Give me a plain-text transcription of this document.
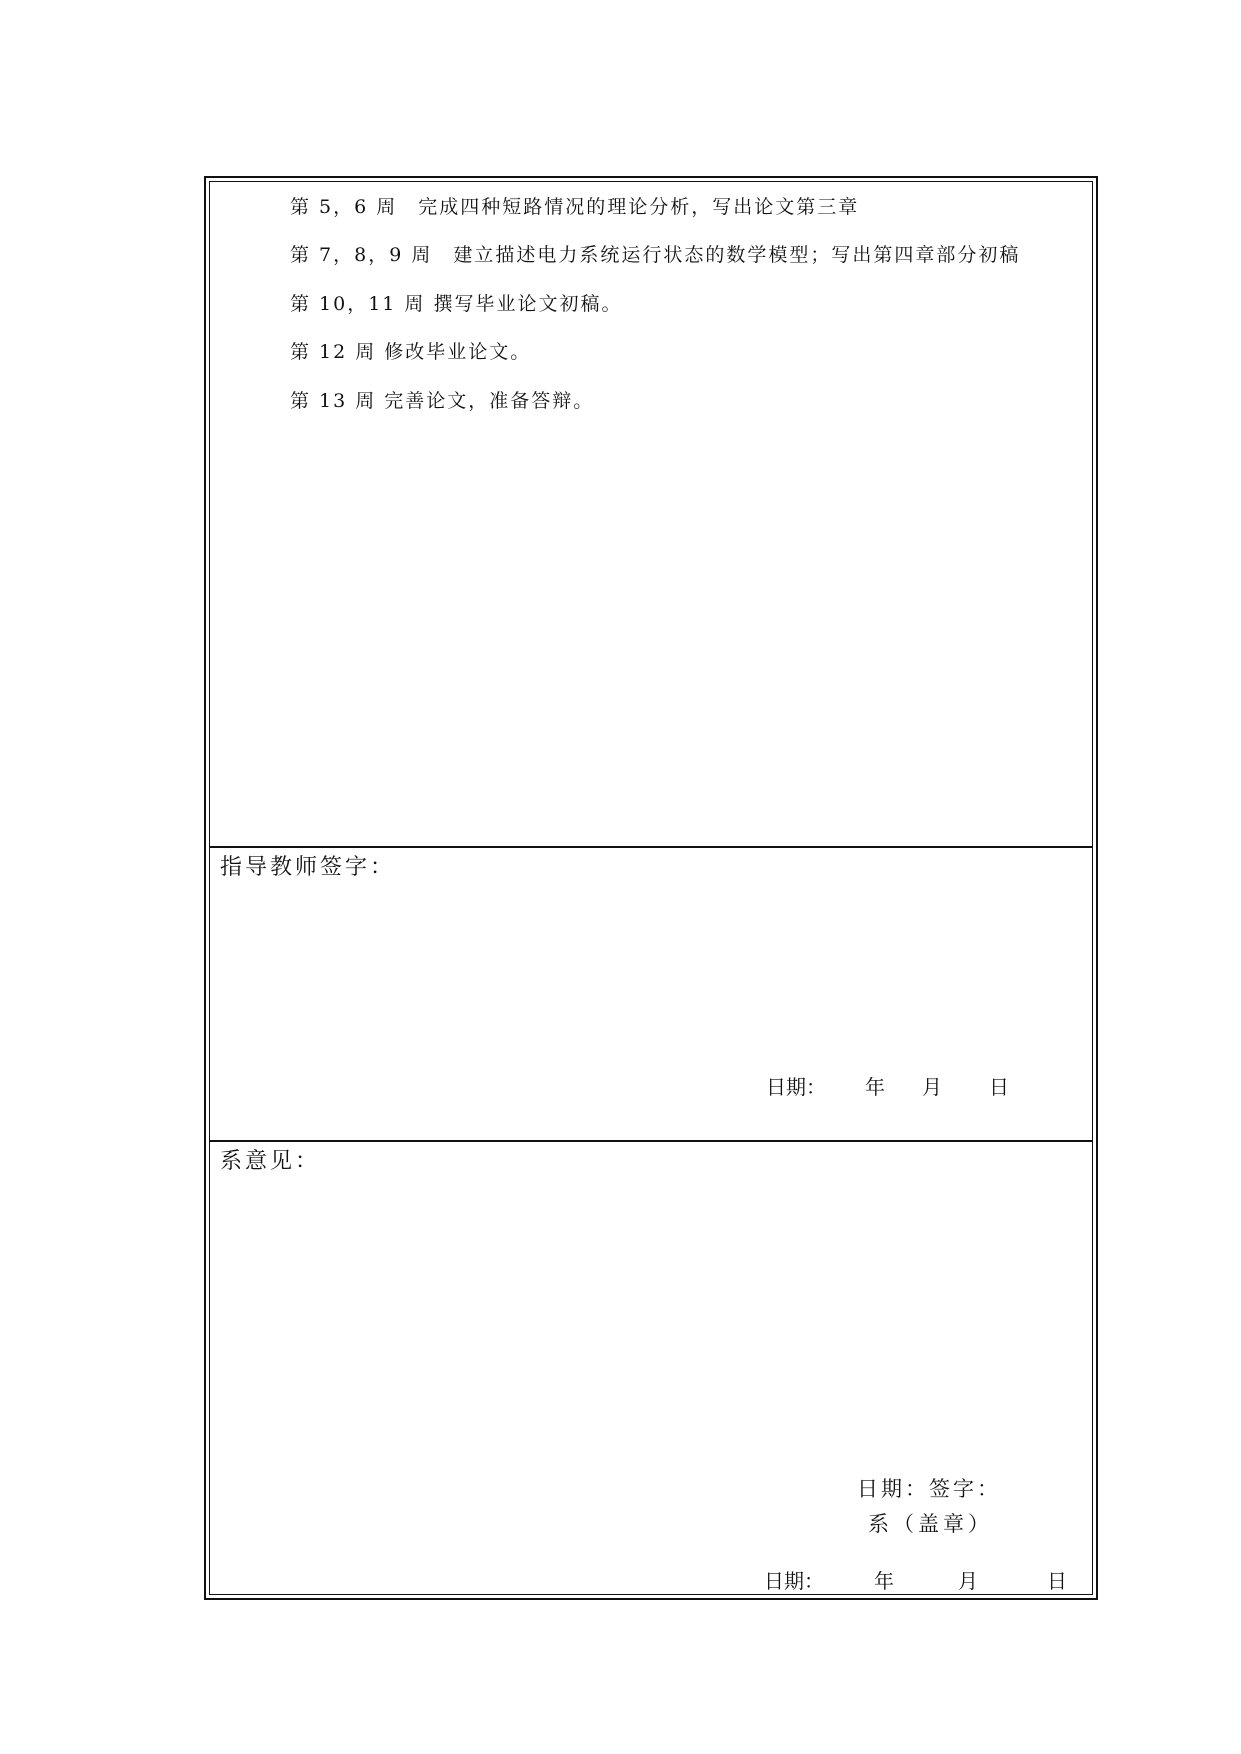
第 5，6 周　完成四种短路情况的理论分析，写出论文第三章
第 7，8，9 周　建立描述电力系统运行状态的数学模型；写出第四章部分初稿
第 10，11 周 撰写毕业论文初稿。
第 12 周 修改毕业论文。
第 13 周 完善论文，准备答辩。
指导教师签字：
日期： 年 月 日
系意见：
日期：签字：
系（盖章）
日期：	年	月	日
